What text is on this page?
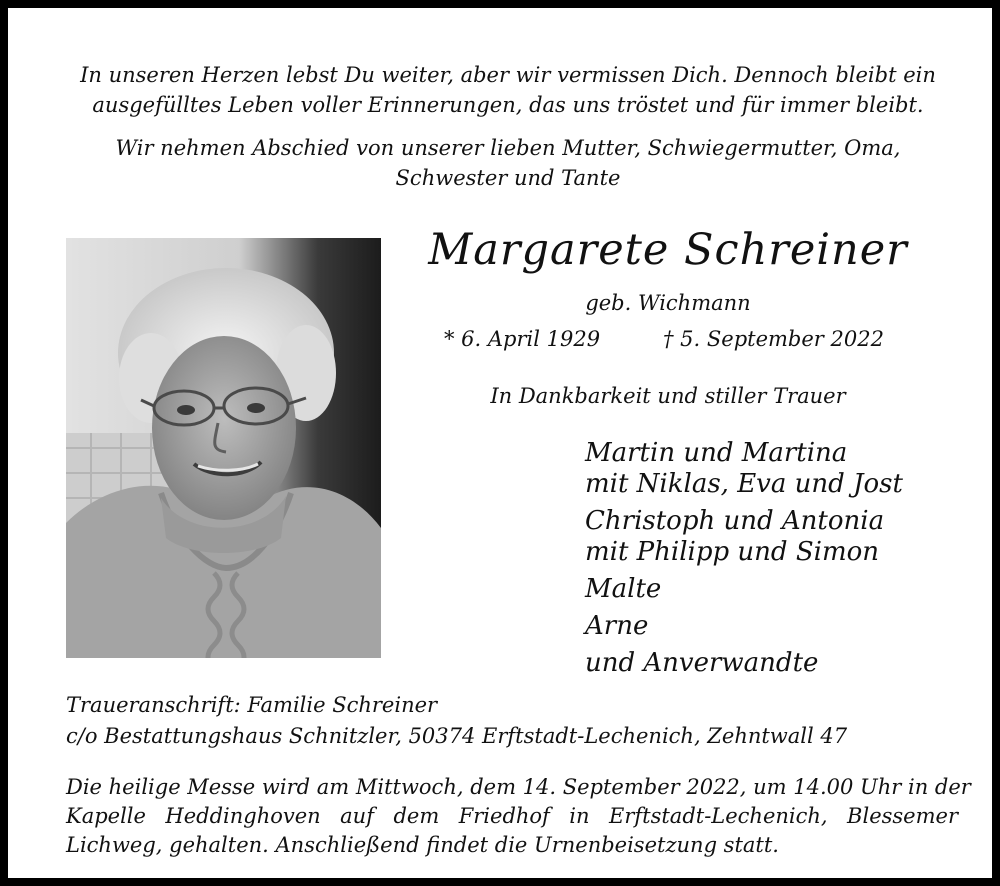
In unseren Herzen lebst Du weiter, aber wir vermissen Dich. Dennoch bleibt ein
ausgefülltes Leben voller Erinnerungen, das uns tröstet und für immer bleibt.
Wir nehmen Abschied von unserer lieben Mutter, Schwiegermutter, Oma,
Schwester und Tante
Margarete Schreiner
geb. Wichmann
* 6. April 1929	† 5. September 2022
In Dankbarkeit und stiller Trauer
Martin und Martina
mit Niklas, Eva und Jost
Christoph und Antonia
mit Philipp und Simon
Malte
Arne
und Anverwandte
Traueranschrift: Familie Schreiner
c/o Bestattungshaus Schnitzler, 50374 Erftstadt-Lechenich, Zehntwall 47
Die heilige Messe wird am Mittwoch, dem 14. September 2022, um 14.00 Uhr in der
Kapelle Heddinghoven auf dem Friedhof in Erftstadt-Lechenich, Blessemer
Lichweg, gehalten. Anschließend findet die Urnenbeisetzung statt.
